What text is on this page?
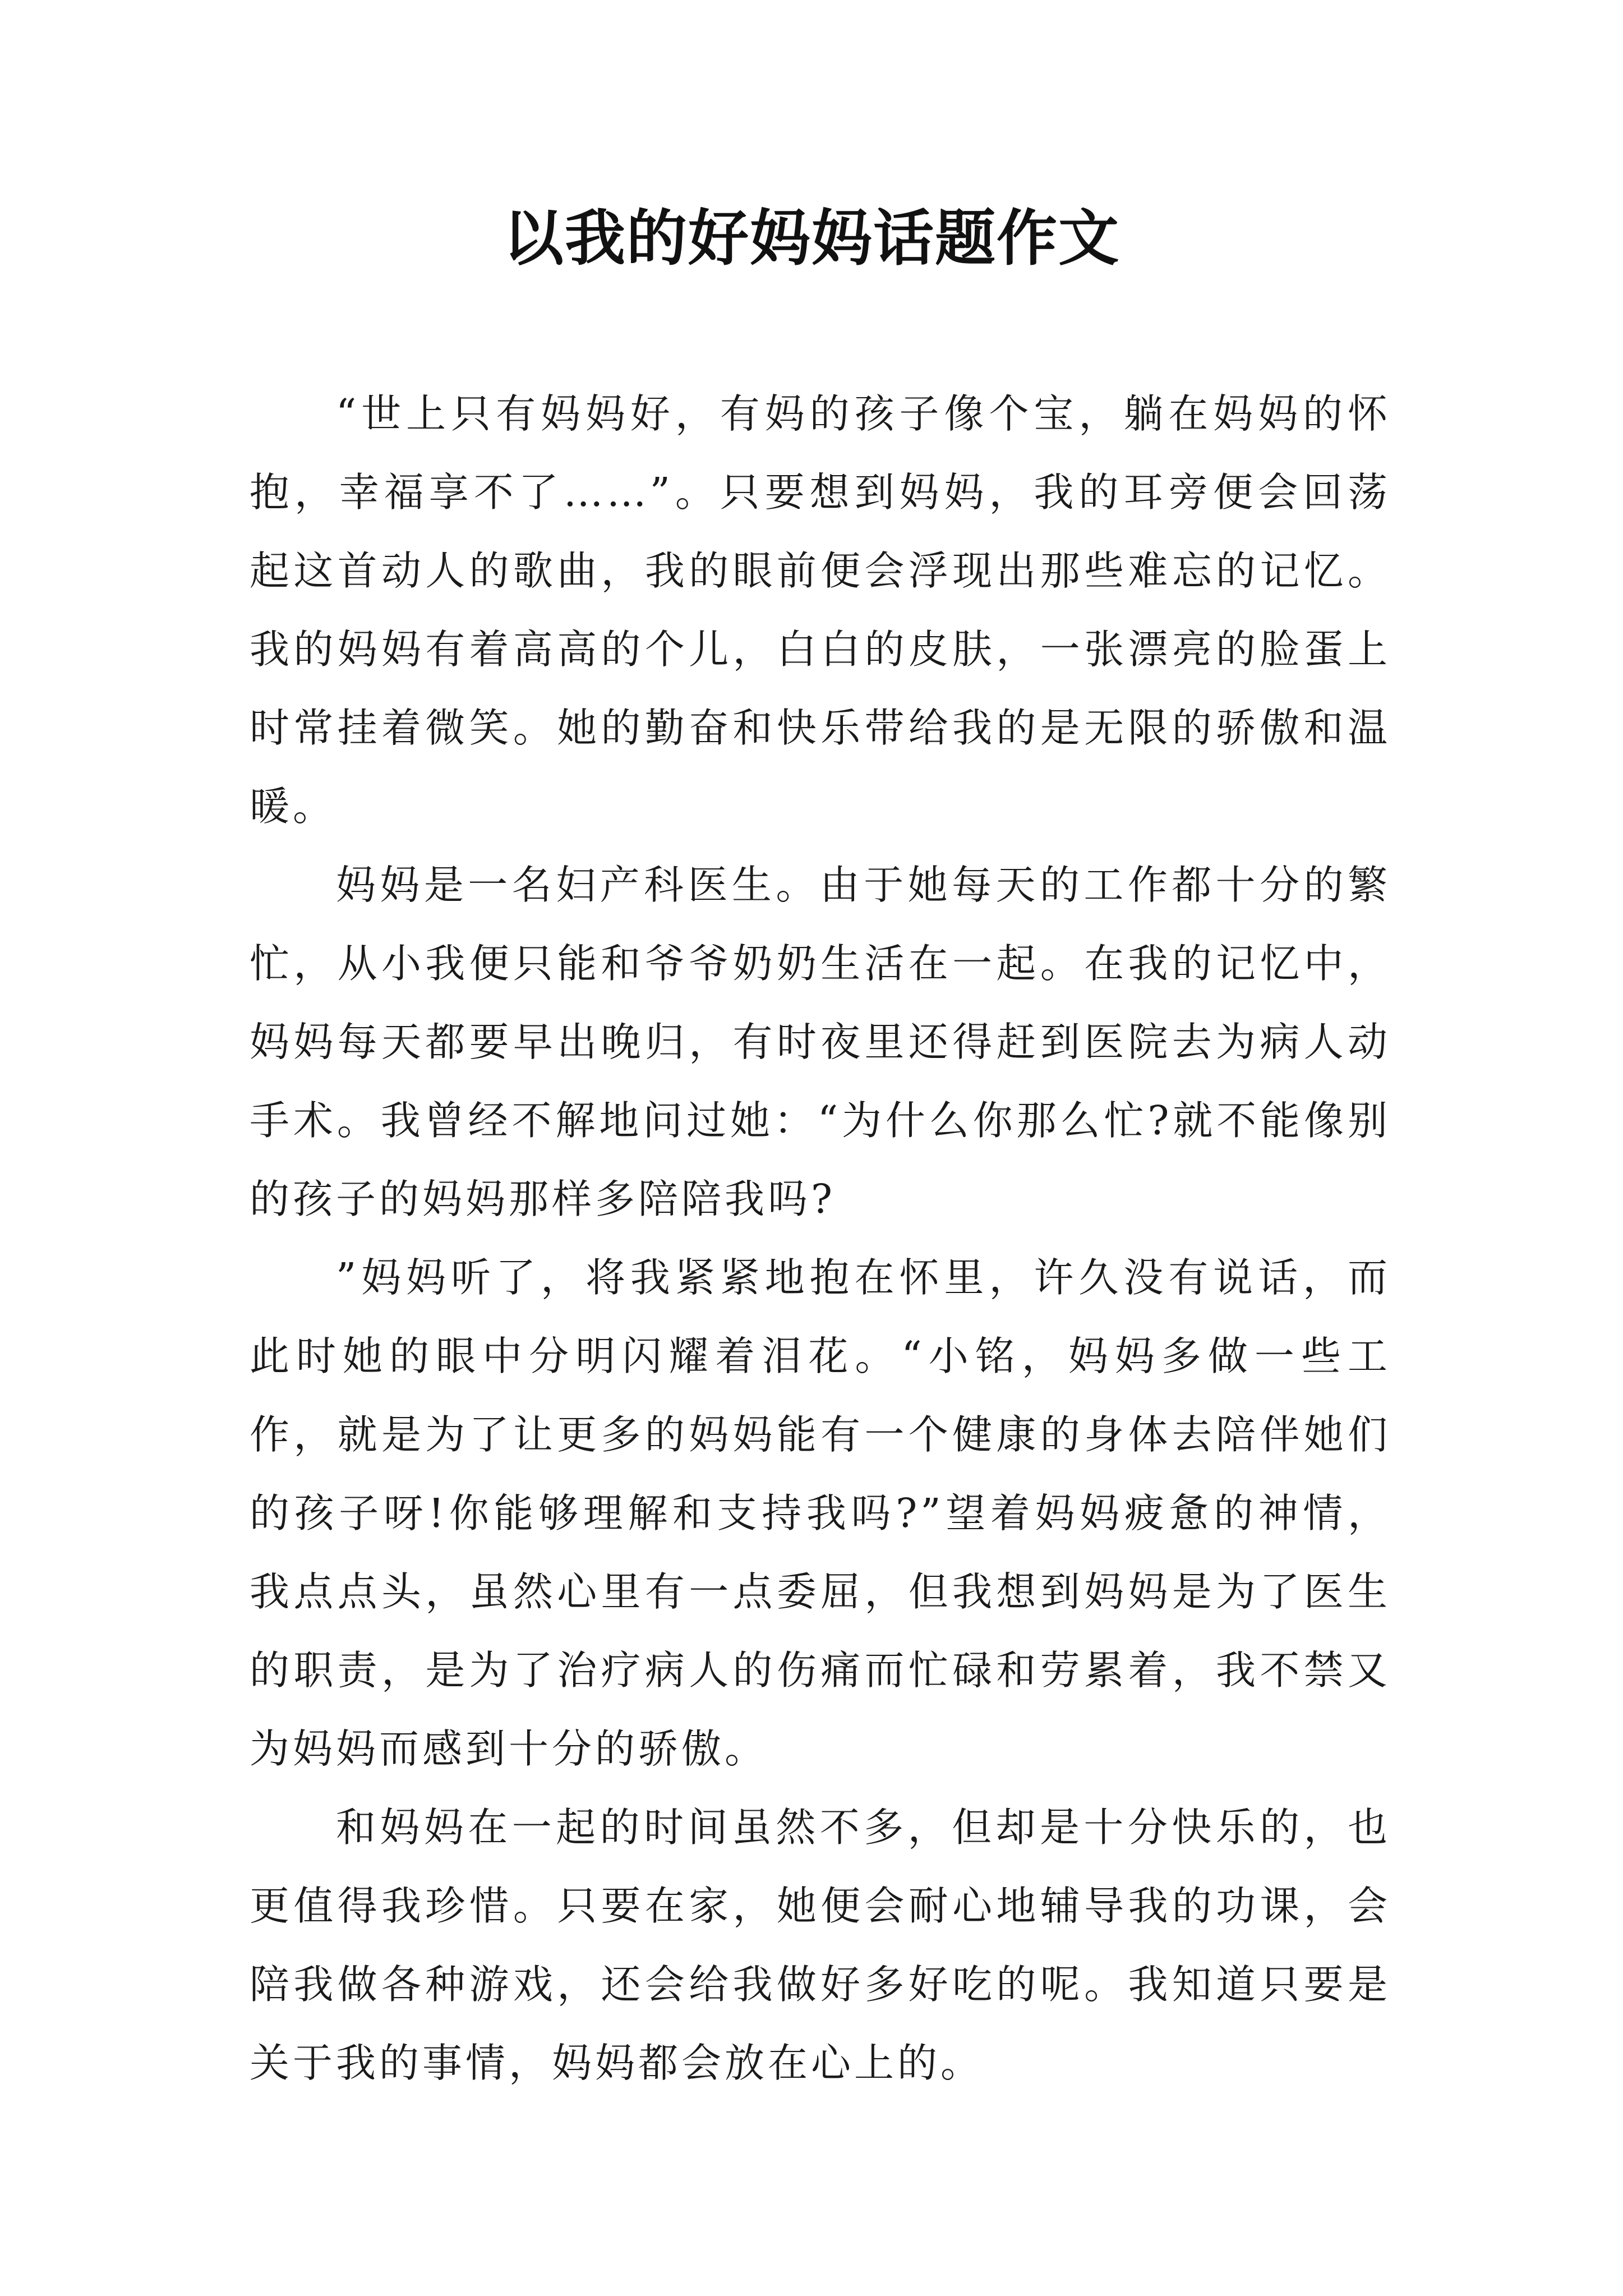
以我的好妈妈话题作文

“世上只有妈妈好，有妈的孩子像个宝，躺在妈妈的怀抱，幸福享不了……”。只要想到妈妈，我的耳旁便会回荡起这首动人的歌曲，我的眼前便会浮现出那些难忘的记忆。我的妈妈有着高高的个儿，白白的皮肤，一张漂亮的脸蛋上时常挂着微笑。她的勤奋和快乐带给我的是无限的骄傲和温暖。

妈妈是一名妇产科医生。由于她每天的工作都十分的繁忙，从小我便只能和爷爷奶奶生活在一起。在我的记忆中，妈妈每天都要早出晚归，有时夜里还得赶到医院去为病人动手术。我曾经不解地问过她：“为什么你那么忙?就不能像别的孩子的妈妈那样多陪陪我吗?

”妈妈听了，将我紧紧地抱在怀里，许久没有说话，而此时她的眼中分明闪耀着泪花。“小铭，妈妈多做一些工作，就是为了让更多的妈妈能有一个健康的身体去陪伴她们的孩子呀!你能够理解和支持我吗?”望着妈妈疲惫的神情，我点点头，虽然心里有一点委屈，但我想到妈妈是为了医生的职责，是为了治疗病人的伤痛而忙碌和劳累着，我不禁又为妈妈而感到十分的骄傲。

和妈妈在一起的时间虽然不多，但却是十分快乐的，也更值得我珍惜。只要在家，她便会耐心地辅导我的功课，会陪我做各种游戏，还会给我做好多好吃的呢。我知道只要是关于我的事情，妈妈都会放在心上的。
